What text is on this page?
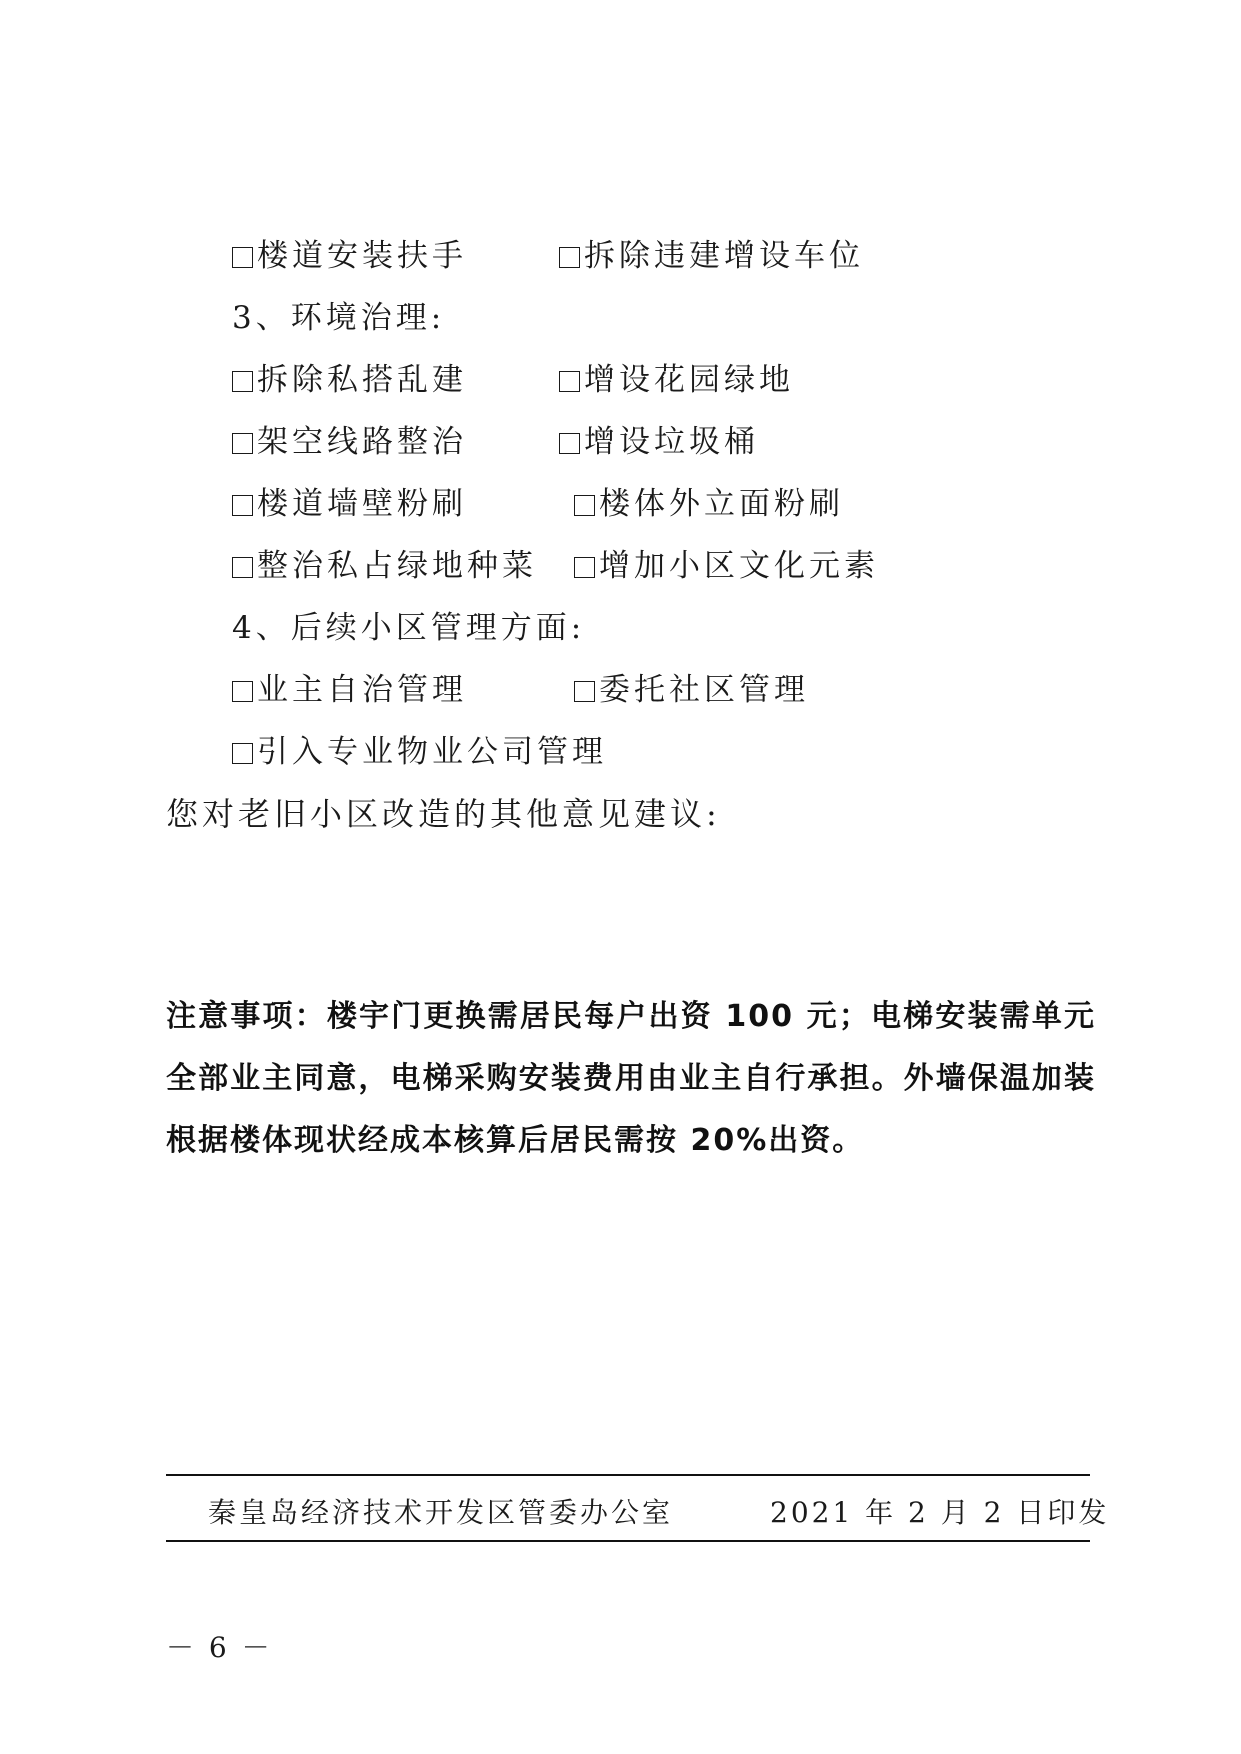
楼道安装扶手	拆除违建增设车位
3、环境治理:
拆除私搭乱建	增设花园绿地
架空线路整治	增设垃圾桶
楼道墙壁粉刷	楼体外立面粉刷
整治私占绿地种菜	增加小区文化元素
4、后续小区管理方面:
业主自治管理	委托社区管理
引入专业物业公司管理
您对老旧小区改造的其他意见建议:
注意事项：楼宇门更换需居民每户出资 100 元；电梯安装需单元全部业主同意，电梯采购安装费用由业主自行承担。外墙保温加装根据楼体现状经成本核算后居民需按 20%出资。
秦皇岛经济技术开发区管委办公室	2021 年 2 月 2 日印发
－ 6 －
